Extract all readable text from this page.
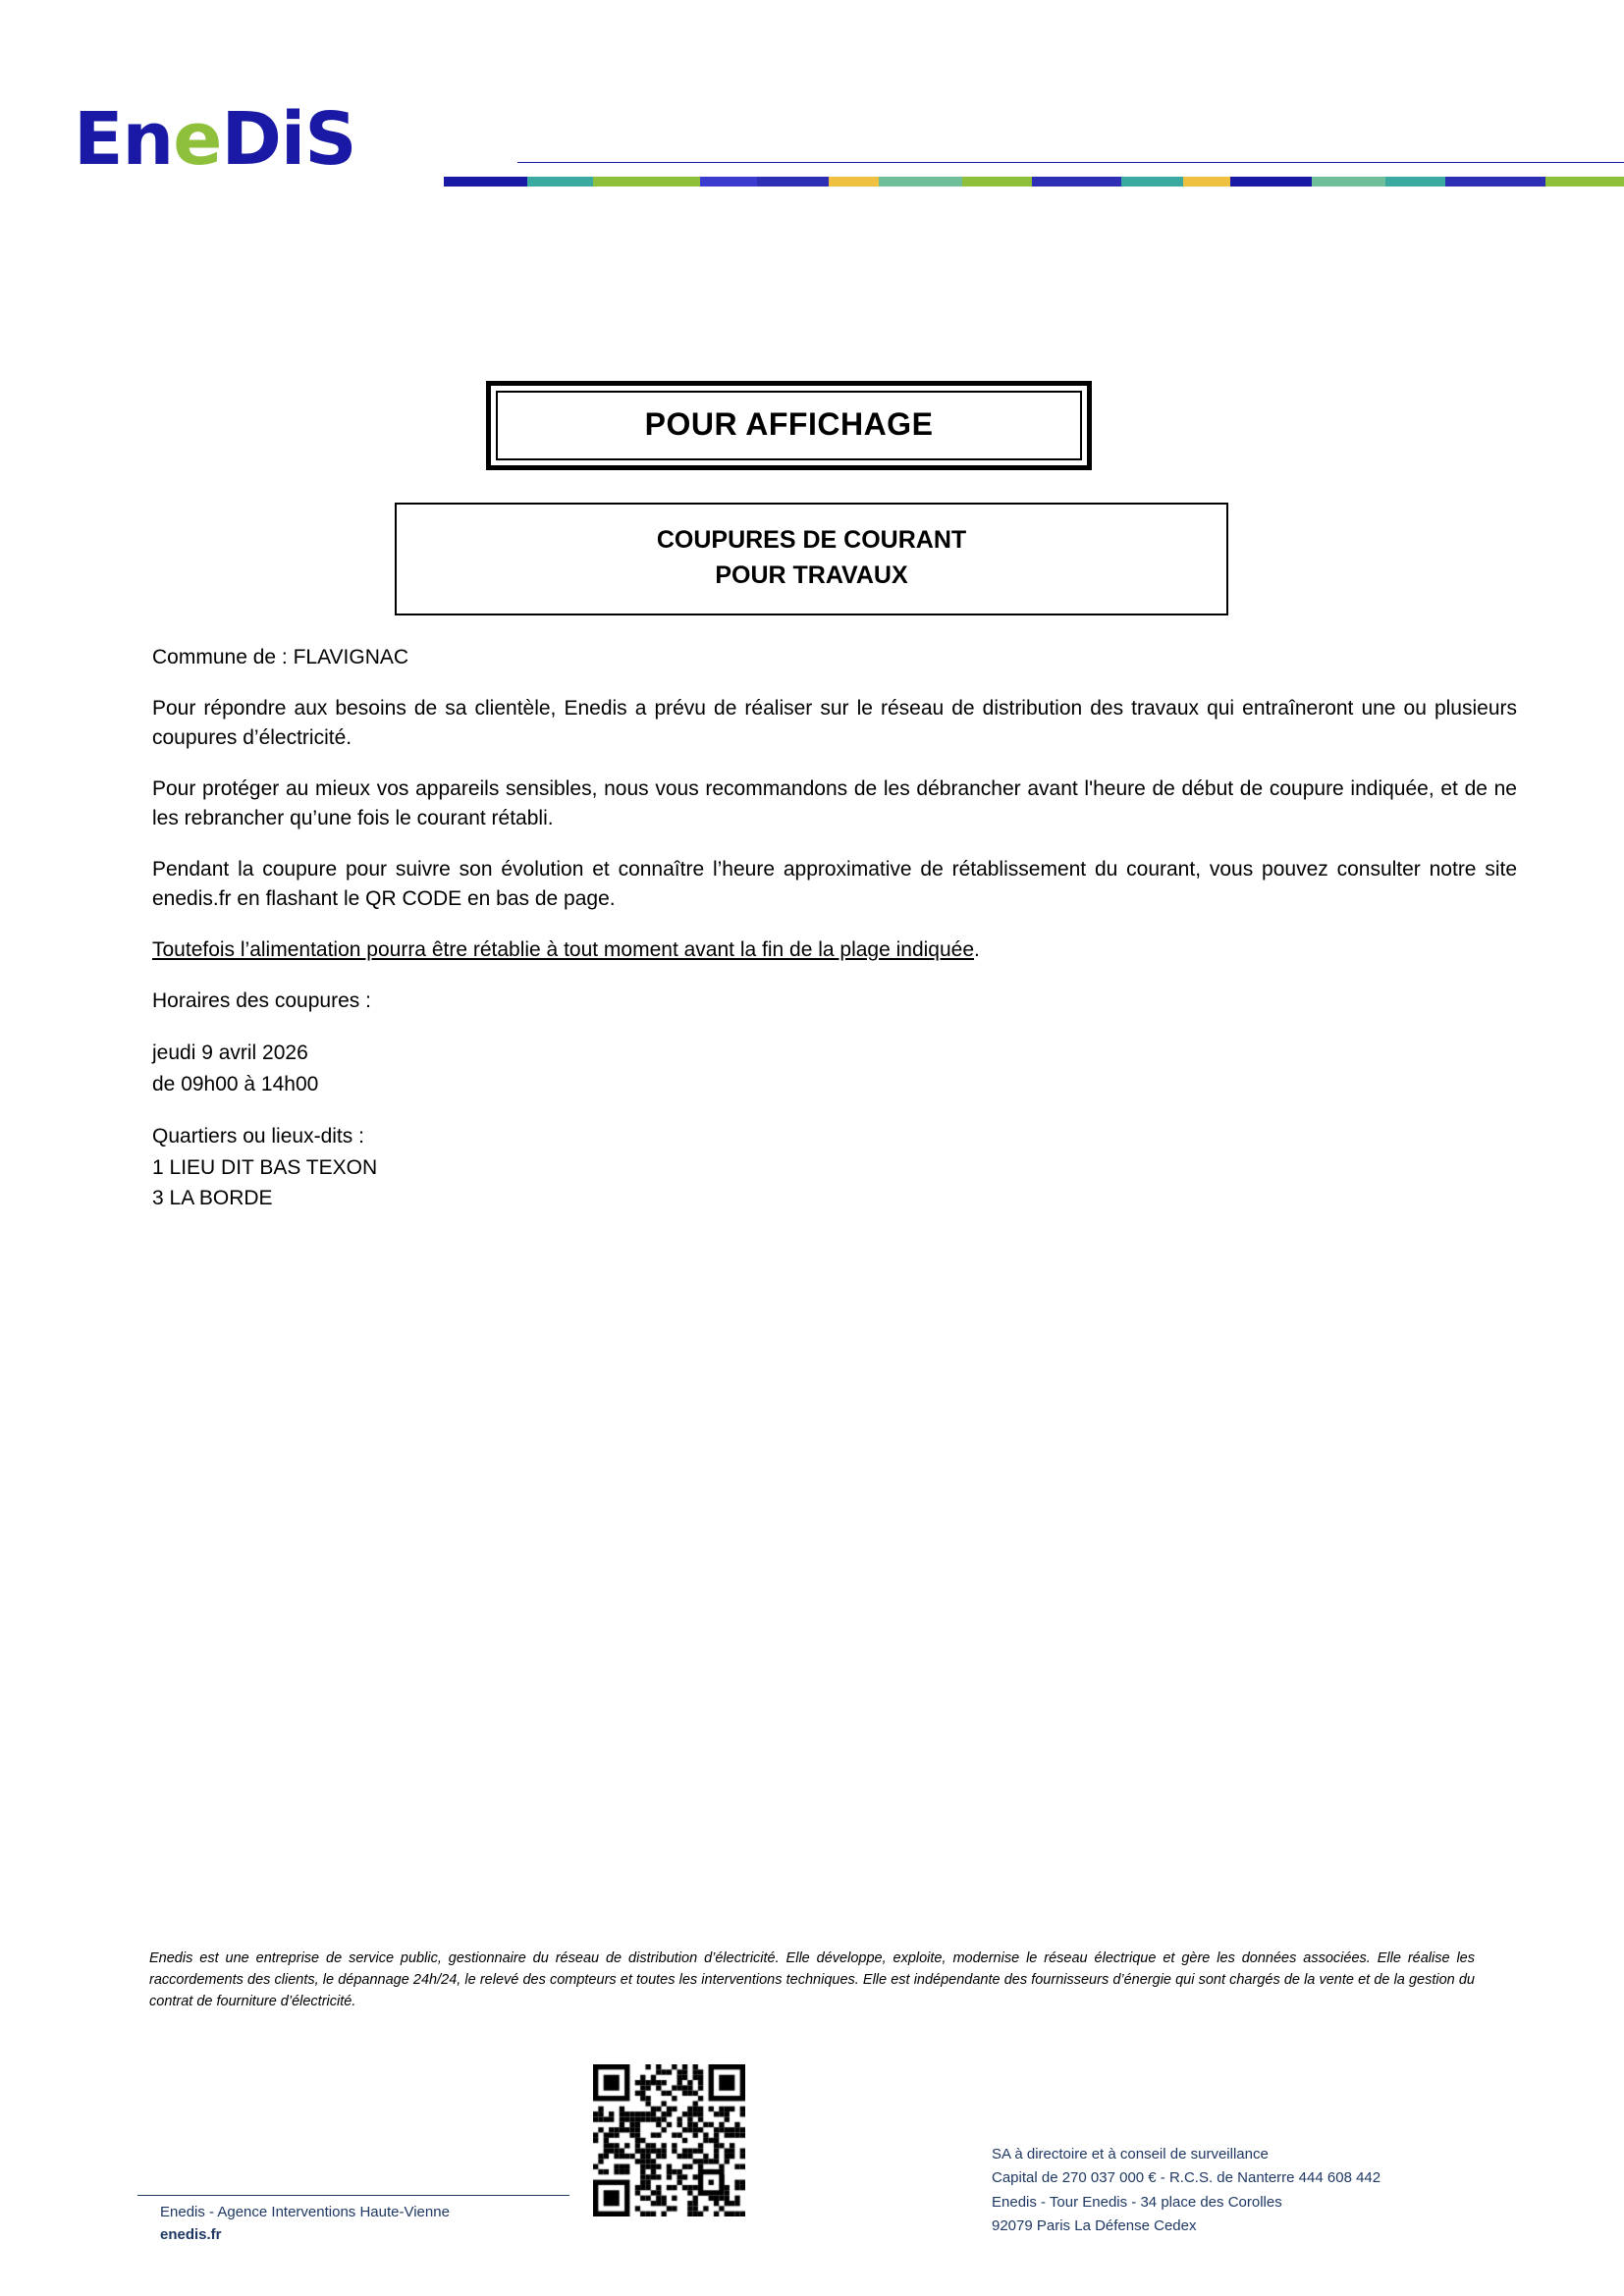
EneDiS
POUR AFFICHAGE
COUPURES DE COURANT
POUR TRAVAUX

Commune de : FLAVIGNAC

Pour répondre aux besoins de sa clientèle, Enedis a prévu de réaliser sur le réseau de distribution des travaux qui entraîneront une ou plusieurs coupures d’électricité.

Pour protéger au mieux vos appareils sensibles, nous vous recommandons de les débrancher avant l'heure de début de coupure indiquée, et de ne les rebrancher qu’une fois le courant rétabli.

Pendant la coupure pour suivre son évolution et connaître l’heure approximative de rétablissement du courant, vous pouvez consulter notre site enedis.fr en flashant le QR CODE en bas de page.

Toutefois l’alimentation pourra être rétablie à tout moment avant la fin de la plage indiquée.

Horaires des coupures :

jeudi 9 avril 2026
de 09h00 à 14h00
Quartiers ou lieux-dits :
1 LIEU DIT BAS TEXON
3 LA BORDE
Enedis est une entreprise de service public, gestionnaire du réseau de distribution d’électricité. Elle développe, exploite, modernise le réseau électrique et gère les données associées. Elle réalise les raccordements des clients, le dépannage 24h/24, le relevé des compteurs et toutes les interventions techniques. Elle est indépendante des fournisseurs d’énergie qui sont chargés de la vente et de la gestion du contrat de fourniture d’électricité.
Enedis - Agence Interventions Haute-Vienne
enedis.fr
SA à directoire et à conseil de surveillance
Capital de 270 037 000 € - R.C.S. de Nanterre 444 608 442
Enedis - Tour Enedis - 34 place des Corolles
92079 Paris La Défense Cedex
